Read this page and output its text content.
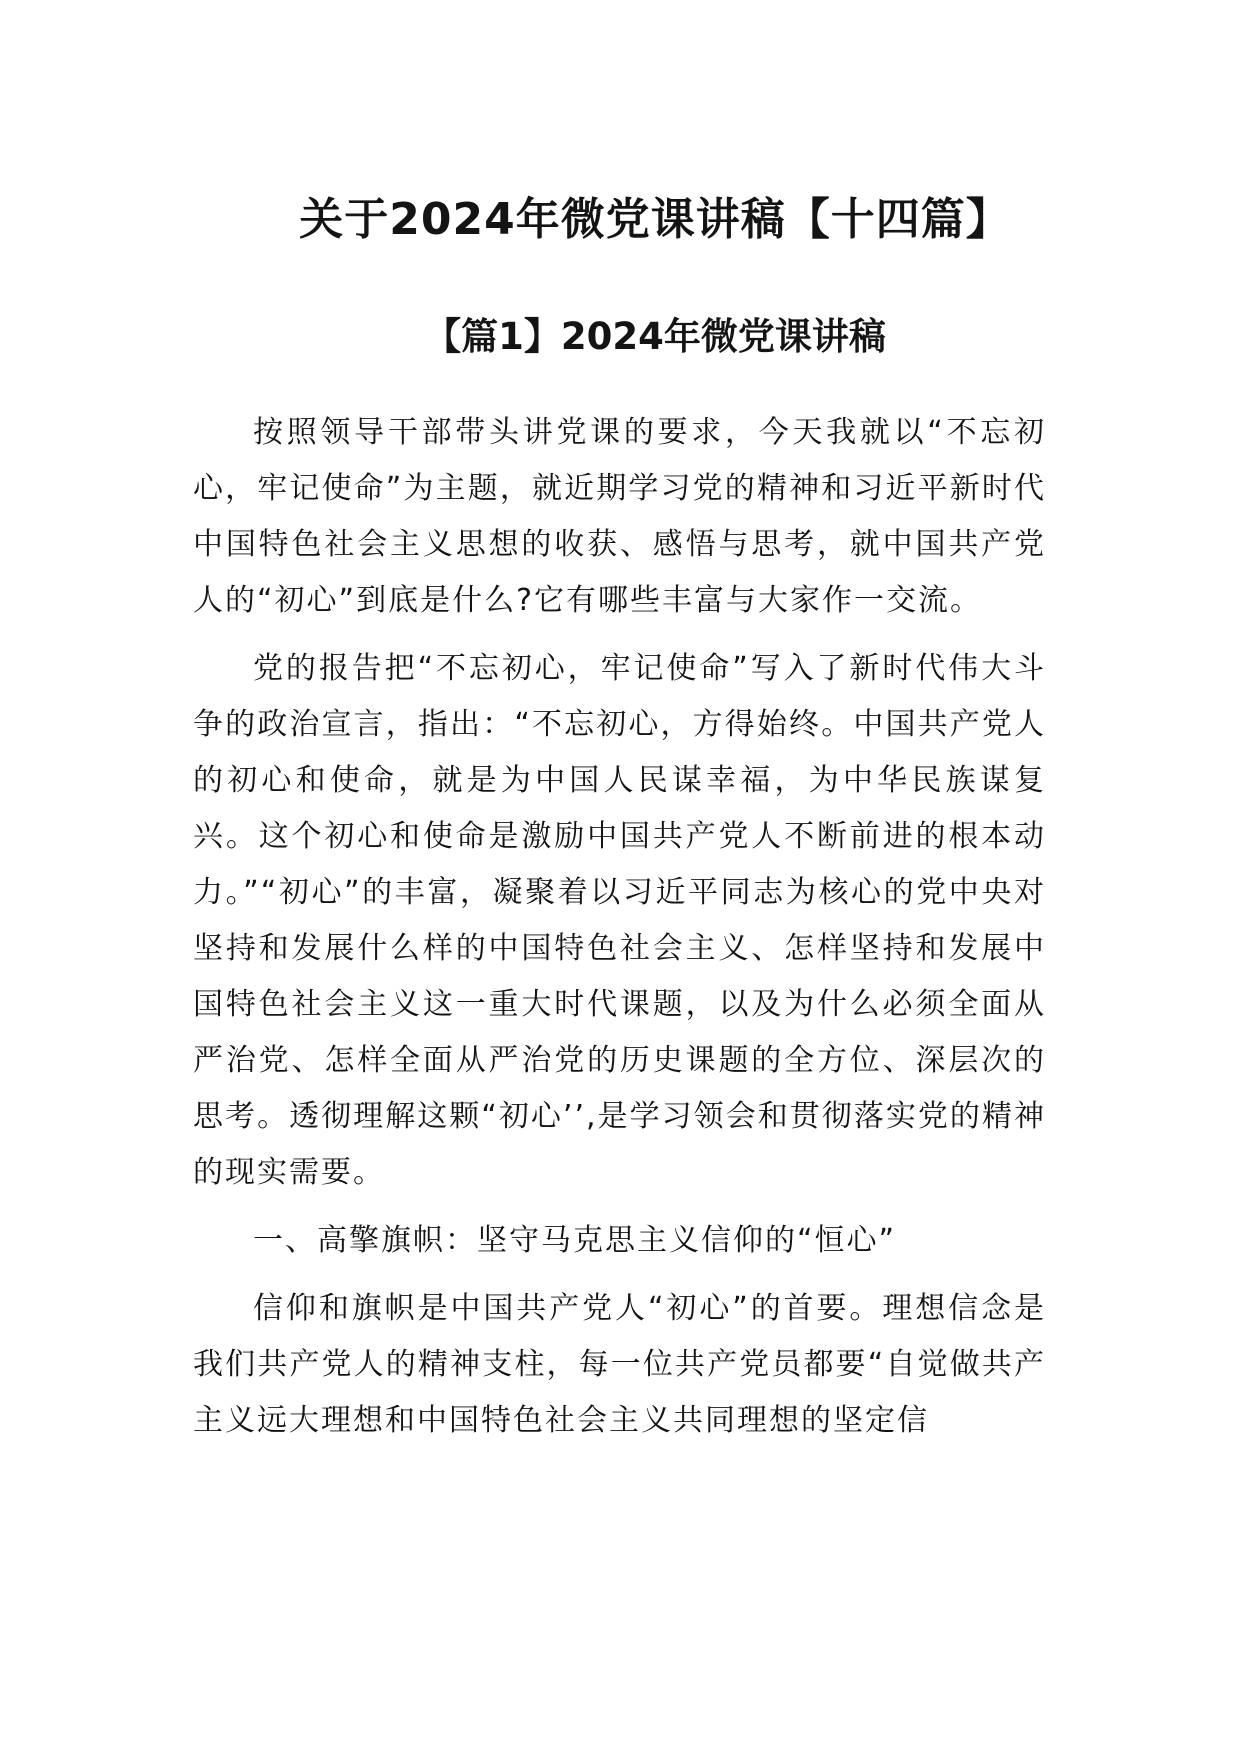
关于2024年微党课讲稿【十四篇】
【篇1】2024年微党课讲稿

按照领导干部带头讲党课的要求，今天我就以“不忘初心，牢记使命”为主题，就近期学习党的精神和习近平新时代中国特色社会主义思想的收获、感悟与思考，就中国共产党人的“初心”到底是什么?它有哪些丰富与大家作一交流。

党的报告把“不忘初心，牢记使命”写入了新时代伟大斗争的政治宣言，指出：“不忘初心，方得始终。中国共产党人的初心和使命，就是为中国人民谋幸福，为中华民族谋复兴。这个初心和使命是激励中国共产党人不断前进的根本动力。”“初心”的丰富，凝聚着以习近平同志为核心的党中央对坚持和发展什么样的中国特色社会主义、怎样坚持和发展中国特色社会主义这一重大时代课题，以及为什么必须全面从严治党、怎样全面从严治党的历史课题的全方位、深层次的思考。透彻理解这颗“初心’’,是学习领会和贯彻落实党的精神的现实需要。

一、高擎旗帜：坚守马克思主义信仰的“恒心”

信仰和旗帜是中国共产党人“初心”的首要。理想信念是我们共产党人的精神支柱，每一位共产党员都要“自觉做共产主义远大理想和中国特色社会主义共同理想的坚定信
